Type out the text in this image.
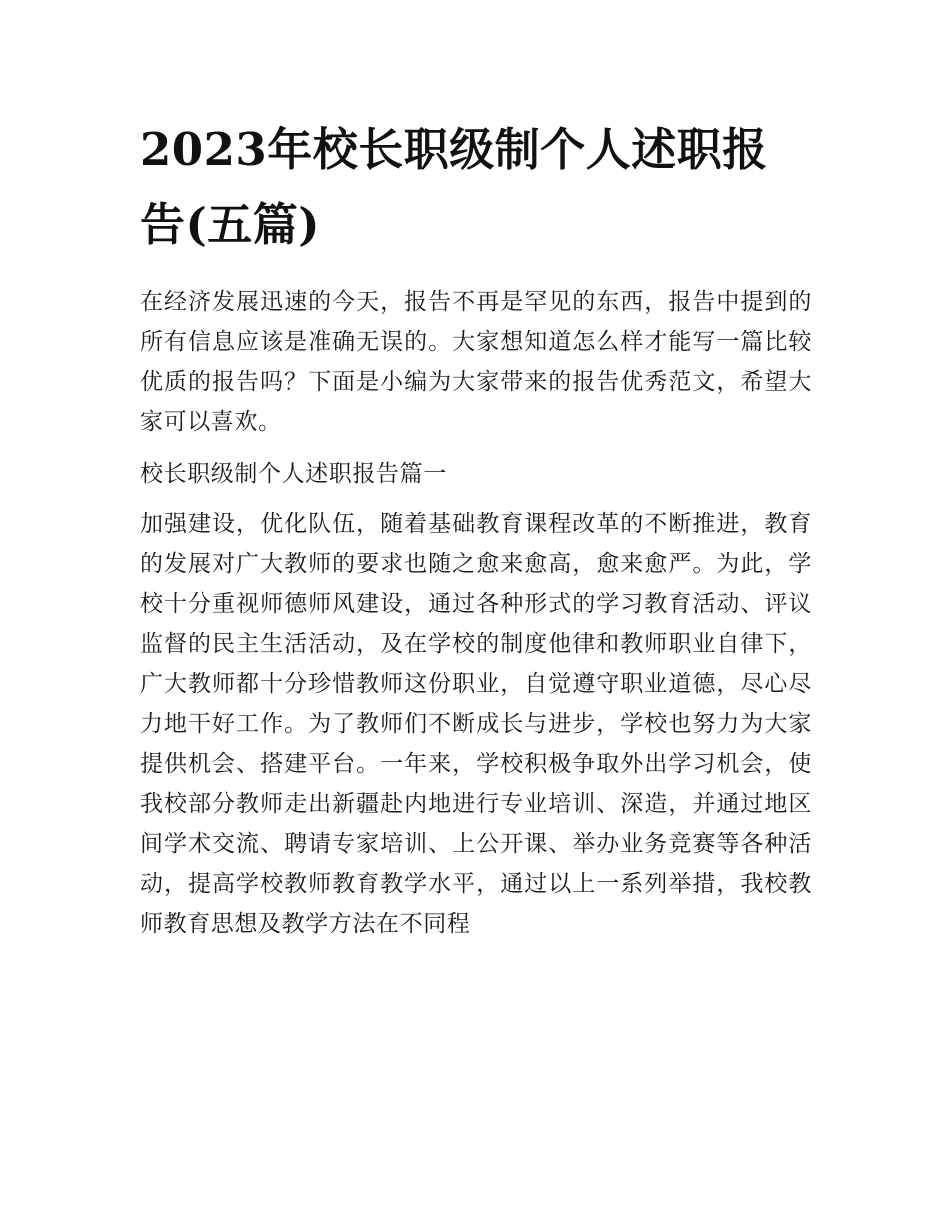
2023年校长职级制个人述职报告(五篇)

在经济发展迅速的今天，报告不再是罕见的东西，报告中提到的所有信息应该是准确无误的。大家想知道怎么样才能写一篇比较优质的报告吗？下面是小编为大家带来的报告优秀范文，希望大家可以喜欢。

校长职级制个人述职报告篇一

加强建设，优化队伍，随着基础教育课程改革的不断推进，教育的发展对广大教师的要求也随之愈来愈高，愈来愈严。为此，学校十分重视师德师风建设，通过各种形式的学习教育活动、评议监督的民主生活活动，及在学校的制度他律和教师职业自律下，广大教师都十分珍惜教师这份职业，自觉遵守职业道德，尽心尽力地干好工作。为了教师们不断成长与进步，学校也努力为大家提供机会、搭建平台。一年来，学校积极争取外出学习机会，使我校部分教师走出新疆赴内地进行专业培训、深造，并通过地区间学术交流、聘请专家培训、上公开课、举办业务竞赛等各种活动，提高学校教师教育教学水平，通过以上一系列举措，我校教师教育思想及教学方法在不同程
